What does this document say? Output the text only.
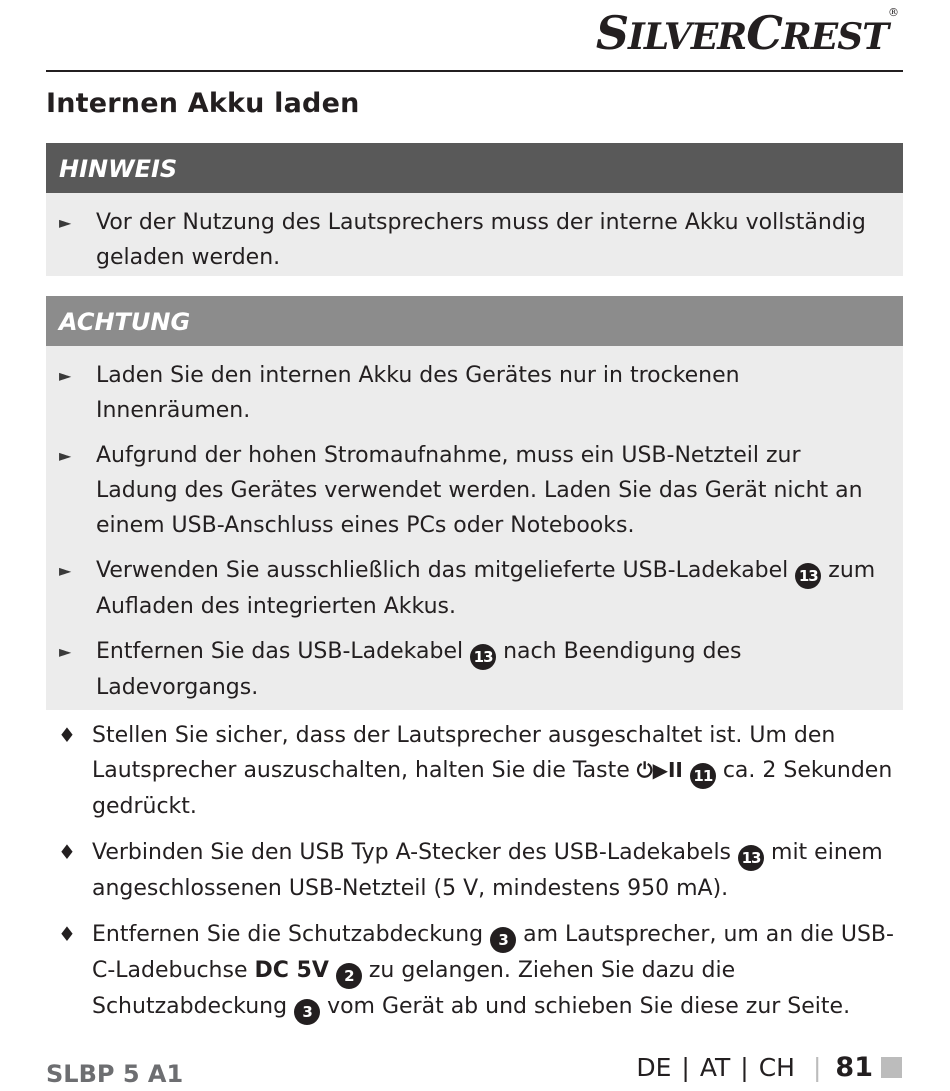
SILVERCREST®
Internen Akku laden
HINWEIS
►	Vor der Nutzung des Lautsprechers muss der interne Akku vollständig geladen werden.
ACHTUNG
►	Laden Sie den internen Akku des Gerätes nur in trockenen Innenräumen.
►	Aufgrund der hohen Stromaufnahme, muss ein USB-Netzteil zur Ladung des Gerätes verwendet werden. Laden Sie das Gerät nicht an einem USB-Anschluss eines PCs oder Notebooks.
►	Verwenden Sie ausschließlich das mitgelieferte USB-Ladekabel 13 zum Aufladen des integrierten Akkus.
►	Entfernen Sie das USB-Ladekabel 13 nach Beendigung des Ladevorgangs.
♦ Stellen Sie sicher, dass der Lautsprecher ausgeschaltet ist. Um den Lautsprecher auszuschalten, halten Sie die Taste ⏻▶II 11 ca. 2 Sekunden gedrückt.
♦ Verbinden Sie den USB Typ A-Stecker des USB-Ladekabels 13 mit einem angeschlossenen USB-Netzteil (5 V, mindestens 950 mA).
♦ Entfernen Sie die Schutzabdeckung 3 am Lautsprecher, um an die USB-C-Ladebuchse DC 5V 2 zu gelangen. Ziehen Sie dazu die Schutzabdeckung 3 vom Gerät ab und schieben Sie diese zur Seite.
SLBP 5 A1	DE | AT | CH | 81
